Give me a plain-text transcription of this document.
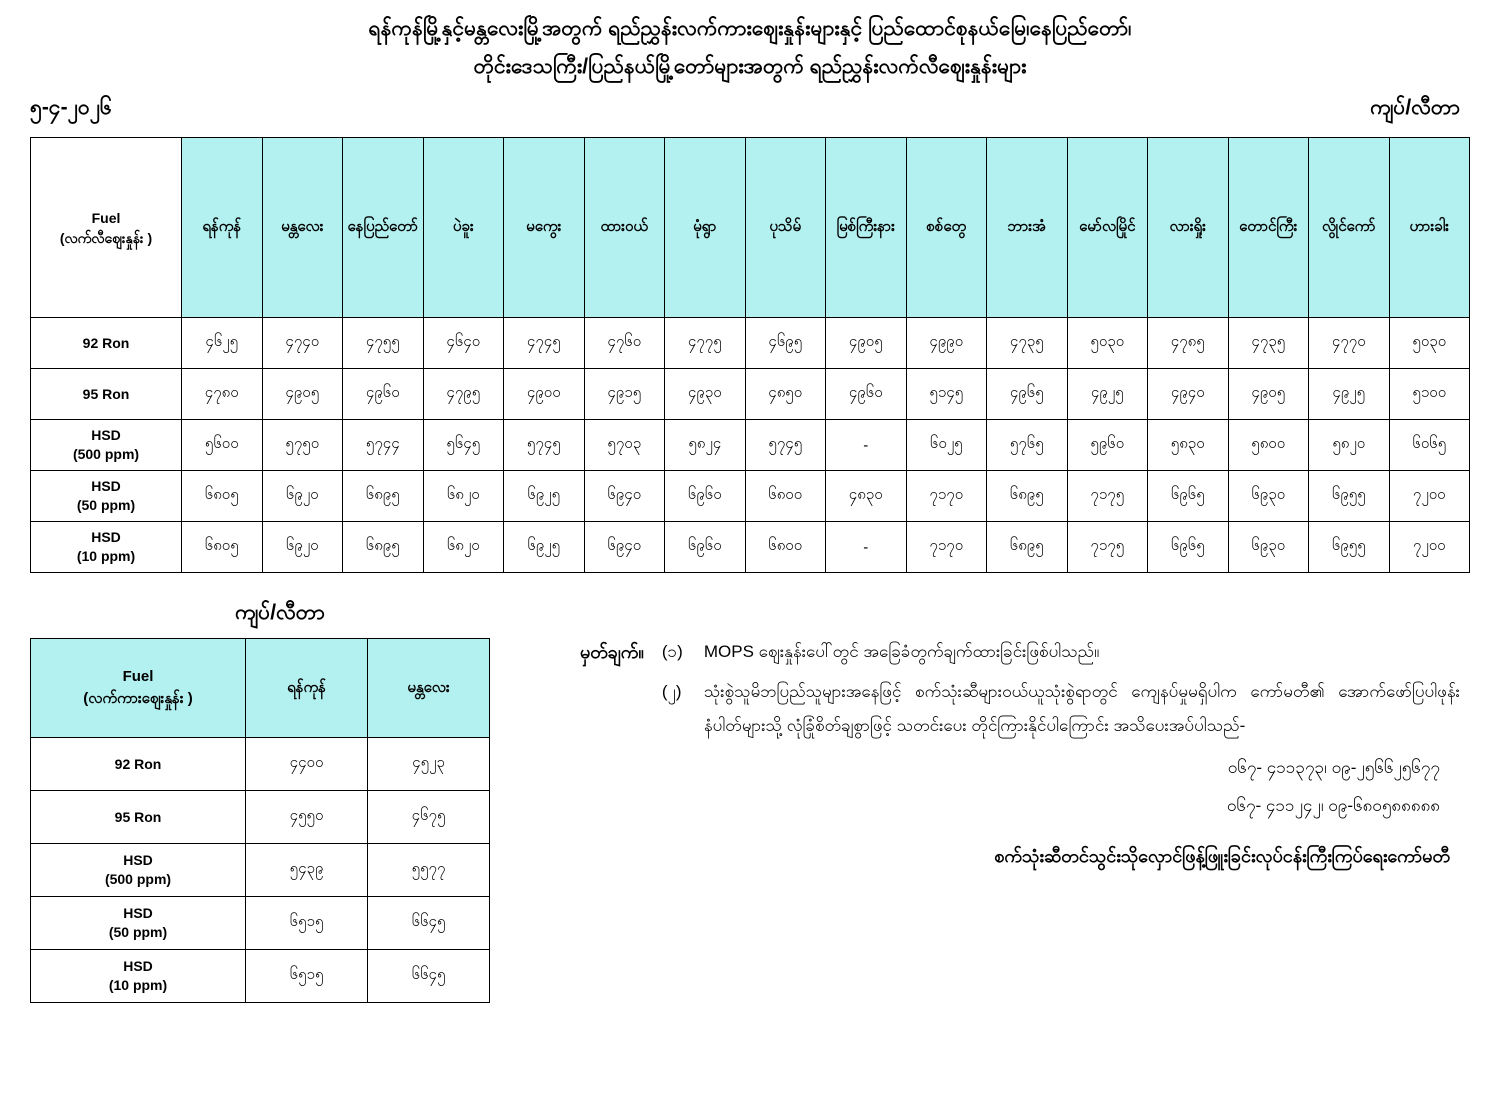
ရန်ကုန်မြို့နှင့်မန္တလေးမြို့အတွက် ရည်ညွှန်းလက်ကားဈေးနှုန်းများနှင့် ပြည်ထောင်စုနယ်မြေ၊နေပြည်တော်၊
တိုင်းဒေသကြီး/ပြည်နယ်မြို့တော်များအတွက် ရည်ညွှန်းလက်လီဈေးနှုန်းများ
၅-၄-၂၀၂၆	ကျပ်/လီတာ
Fuel
(လက်လီဈေးနှုန်း )	ရန်ကုန်	မန္တလေး	နေပြည်တော်	ပဲခူး	မကွေး	ထားဝယ်	မုံရွာ	ပုသိမ်	မြစ်ကြီးနား	စစ်တွေ	ဘားအံ	မော်လမြိုင်	လားရှိုး	တောင်ကြီး	လွိုင်ကော်	ဟားခါး

92 Ron	၄၆၂၅	၄၇၄၀	၄၇၅၅	၄၆၄၀	၄၇၄၅	၄၇၆၀	၄၇၇၅	၄၆၉၅	၄၉၀၅	၄၉၉၀	၄၇၃၅	၅၀၃၀	၄၇၈၅	၄၇၃၅	၄၇၇၀	၅၀၃၀

95 Ron	၄၇၈၀	၄၉၀၅	၄၉၆၀	၄၇၉၅	၄၉၀၀	၄၉၁၅	၄၉၃၀	၄၈၅၀	၄၉၆၀	၅၁၄၅	၄၉၆၅	၄၉၂၅	၄၉၄၀	၄၉၀၅	၄၉၂၅	၅၁၀၀

HSD
(500 ppm)	၅၆၀၀	၅၇၅၀	၅၇၄၄	၅၆၄၅	၅၇၄၅	၅၇၀၃	၅၈၂၄	၅၇၄၅	-	၆၀၂၅	၅၇၆၅	၅၉၆၀	၅၈၃၀	၅၈၀၀	၅၈၂၀	၆၀၆၅

HSD
(50 ppm)	၆၈၀၅	၆၉၂၀	၆၈၉၅	၆၈၂၀	၆၉၂၅	၆၉၄၀	၆၉၆၀	၆၈၀၀	၄၈၃၀	၇၁၇၀	၆၈၉၅	၇၁၇၅	၆၉၆၅	၆၉၃၀	၆၉၅၅	၇၂၀၀

HSD
(10 ppm)	၆၈၀၅	၆၉၂၀	၆၈၉၅	၆၈၂၀	၆၉၂၅	၆၉၄၀	၆၉၆၀	၆၈၀၀	-	၇၁၇၀	၆၈၉၅	၇၁၇၅	၆၉၆၅	၆၉၃၀	၆၉၅၅	၇၂၀၀
ကျပ်/လီတာ
Fuel
(လက်ကားဈေးနှုန်း )	ရန်ကုန်	မန္တလေး

92 Ron	၄၄၀၀	၄၅၂၃

95 Ron	၄၅၅၀	၄၆၇၅

HSD
(500 ppm)	၅၄၃၉	၅၅၇၇

HSD
(50 ppm)	၆၅၁၅	၆၆၄၅

HSD
(10 ppm)	၆၅၁၅	၆၆၄၅
မှတ်ချက်။	(၁)	MOPS ဈေးနှုန်းပေါ်တွင် အခြေခံတွက်ချက်ထားခြင်းဖြစ်ပါသည်။
(၂)	သုံးစွဲသူမိဘပြည်သူများအနေဖြင့် စက်သုံးဆီများဝယ်ယူသုံးစွဲရာတွင် ကျေနပ်မှုမရှိပါက ကော်မတီ၏ အောက်ဖော်ပြပါဖုန်းနံပါတ်များသို့ လုံခြုံစိတ်ချစွာဖြင့် သတင်းပေး တိုင်ကြားနိုင်ပါကြောင်း အသိပေးအပ်ပါသည်-
၀၆၇- ၄၁၁၃၇၃၊ ၀၉-၂၅၆၆၂၅၆၇၇
၀၆၇- ၄၁၁၂၄၂၊ ၀၉-၆၈၀၅၈၈၈၈၈
စက်သုံးဆီတင်သွင်းသိုလှောင်ဖြန့်ဖြူးခြင်းလုပ်ငန်းကြီးကြပ်ရေးကော်မတီ
